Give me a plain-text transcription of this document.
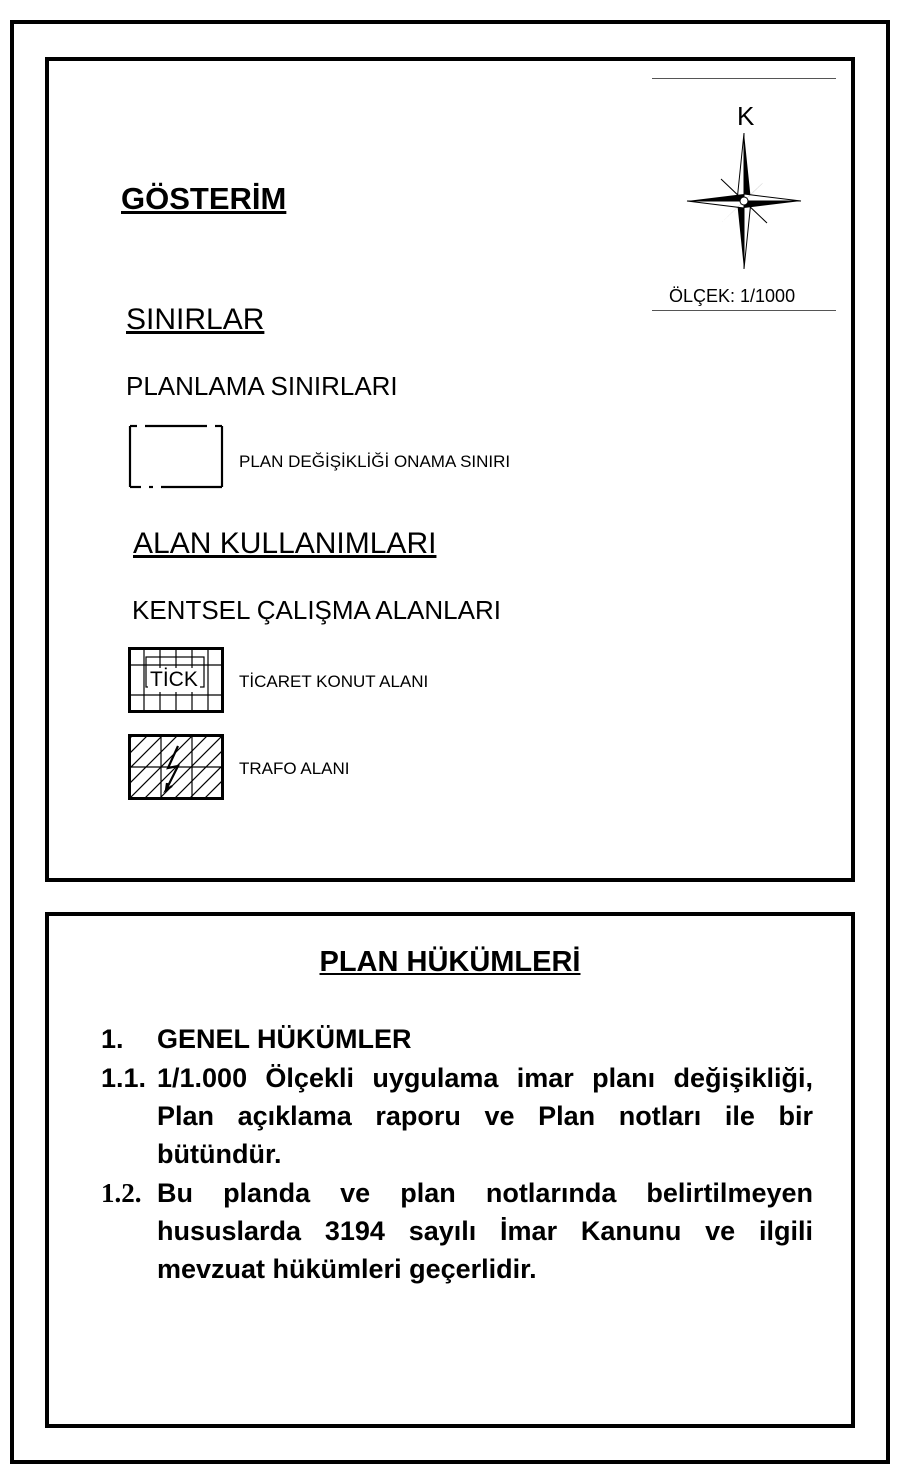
GÖSTERİM
K
ÖLÇEK: 1/1000
SINIRLAR
PLANLAMA SINIRLARI
PLAN DEĞİŞİKLİĞİ ONAMA SINIRI
ALAN KULLANIMLARI
KENTSEL ÇALIŞMA ALANLARI
TİCK TİCARET KONUT ALANI
TRAFO ALANI
PLAN HÜKÜMLERİ
1. GENEL HÜKÜMLER
1.1. 1/1.000 Ölçekli uygulama imar planı değişikliği, Plan açıklama raporu ve Plan notları ile bir bütündür.
1.2. Bu planda ve plan notlarında belirtilmeyen hususlarda 3194 sayılı İmar Kanunu ve ilgili mevzuat hükümleri geçerlidir.
